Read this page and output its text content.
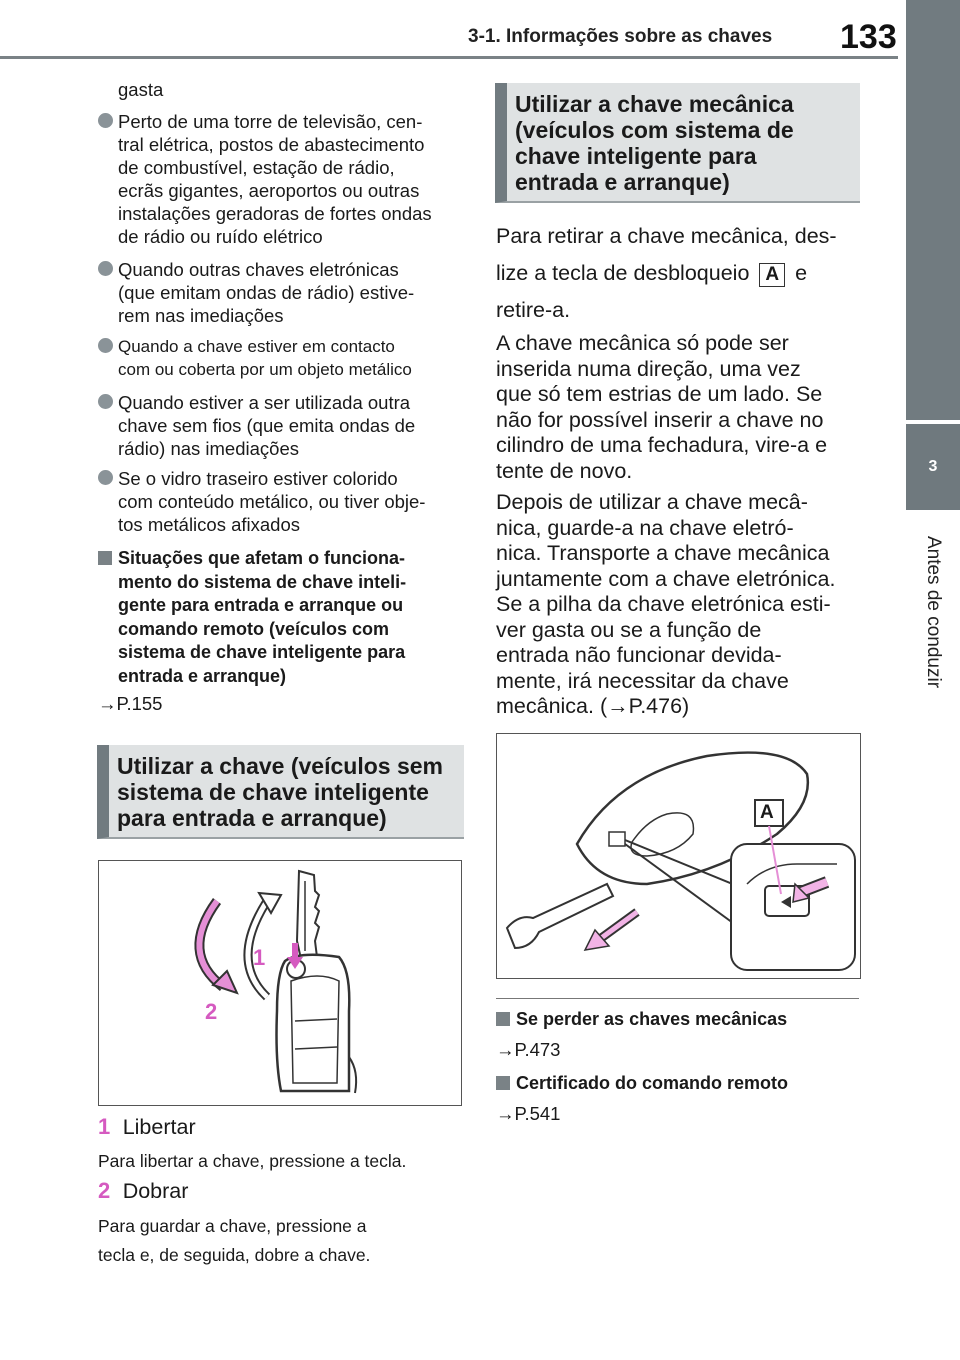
3-1. Informações sobre as chaves 133
3
Antes de conduzir
gasta
Perto de uma torre de televisão, cen-
tral elétrica, postos de abastecimento
de combustível, estação de rádio,
ecrãs gigantes, aeroportos ou outras
instalações geradoras de fortes ondas
de rádio ou ruído elétrico
Quando outras chaves eletrónicas
(que emitam ondas de rádio) estive-
rem nas imediações
Quando a chave estiver em contacto
com ou coberta por um objeto metálico
Quando estiver a ser utilizada outra
chave sem fios (que emita ondas de
rádio) nas imediações
Se o vidro traseiro estiver colorido
com conteúdo metálico, ou tiver obje-
tos metálicos afixados
Situações que afetam o funciona-
mento do sistema de chave inteli-
gente para entrada e arranque ou
comando remoto (veículos com
sistema de chave inteligente para
entrada e arranque)
→P.155
Utilizar a chave (veículos sem
sistema de chave inteligente
para entrada e arranque)
1
2
1 Libertar
Para libertar a chave, pressione a tecla.
2 Dobrar
Para guardar a chave, pressione a
tecla e, de seguida, dobre a chave.
Utilizar a chave mecânica
(veículos com sistema de
chave inteligente para
entrada e arranque)
Para retirar a chave mecânica, des-
lize a tecla de desbloqueio A e
retire-a.
A chave mecânica só pode ser
inserida numa direção, uma vez
que só tem estrias de um lado. Se
não for possível inserir a chave no
cilindro de uma fechadura, vire-a e
tente de novo.
Depois de utilizar a chave mecâ-
nica, guarde-a na chave eletró-
nica. Transporte a chave mecânica
juntamente com a chave eletrónica.
Se a pilha da chave eletrónica esti-
ver gasta ou se a função de
entrada não funcionar devida-
mente, irá necessitar da chave
mecânica. (→P.476)
A
Se perder as chaves mecânicas
→P.473
Certificado do comando remoto
→P.541
